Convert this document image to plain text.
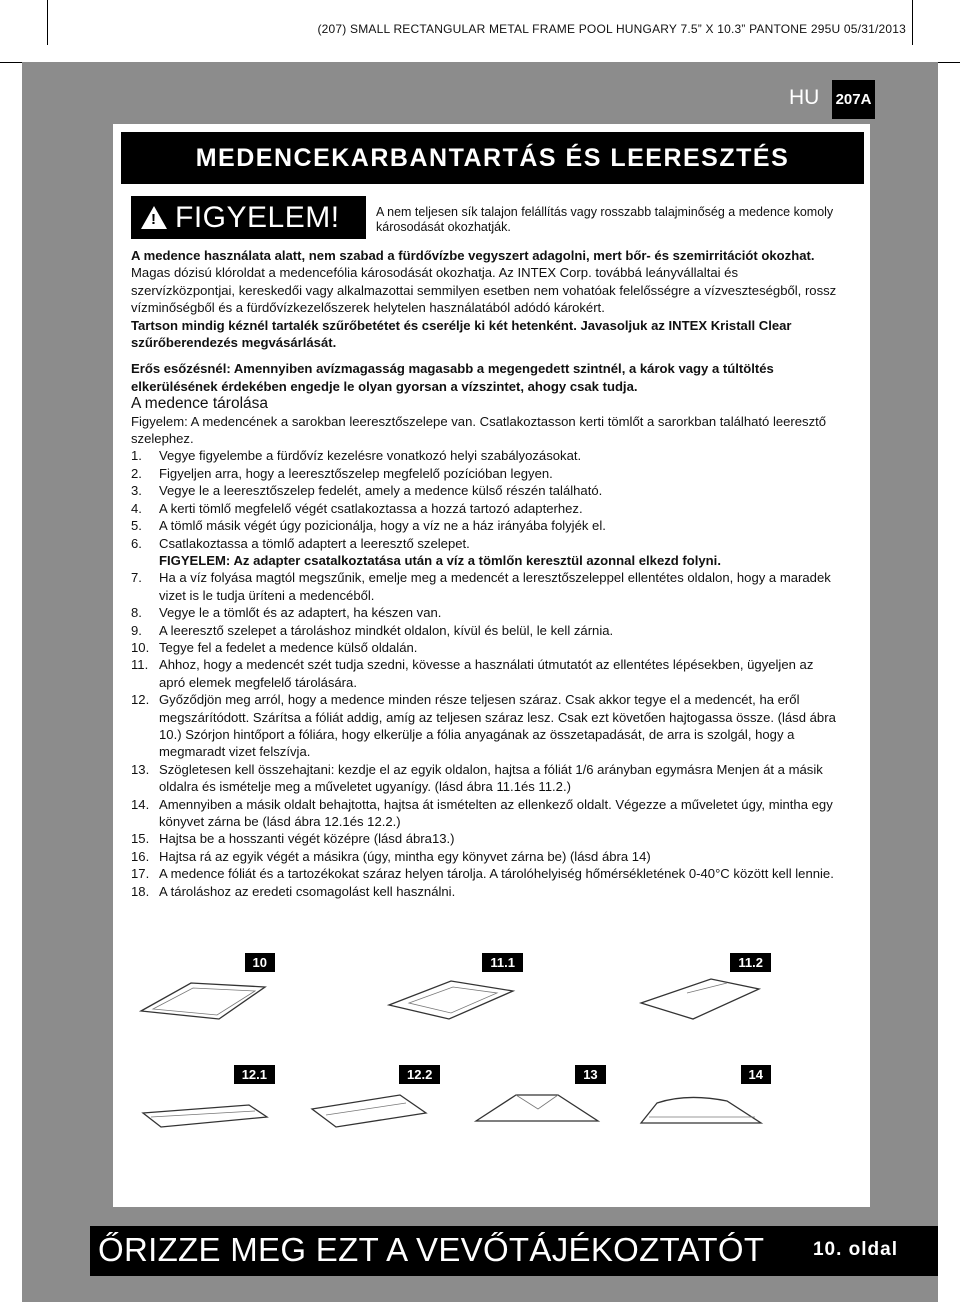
(207) SMALL RECTANGULAR METAL FRAME POOL HUNGARY 7.5” X 10.3” PANTONE 295U 05/31/2013
HU 207A
MEDENCEKARBANTARTÁS ÉS LEERESZTÉS
! FIGYELEM!	A nem teljesen sík talajon felállítás vagy rosszabb talajminőség a medence komoly károsodását okozhatják.

A medence használata alatt, nem szabad a fürdővízbe vegyszert adagolni, mert bőr- és szemirritációt okozhat. Magas dózisú klóroldat a medencefólia károsodását okozhatja. Az INTEX Corp. továbbá leányvállaltai és szervízközpontjai, kereskedői vagy alkalmazottai semmilyen esetben nem vohatóak felelősségre a vízveszteségből, rossz vízminőségből és a fürdővízkezelőszerek helytelen használatából adódó károkért.

Tartson mindig kéznél tartalék szűrőbetétet és cserélje ki két hetenként. Javasoljuk az INTEX Kristall Clear szűrőberendezés megvásárlását.

Erős esőzésnél: Amennyiben avízmagasság magasabb a megengedett szintnél, a károk vagy a túltöltés elkerülésének érdekében engedje le olyan gyorsan a vízszintet, ahogy csak tudja.

A medence tárolása

Figyelem: A medencének a sarokban leeresztőszelepe van. Csatlakoztasson kerti tömlőt a sarorkban található leeresztő szelephez.

1. Vegye figyelembe a fürdővíz kezelésre vonatkozó helyi szabályozásokat.
2. Figyeljen arra, hogy a leeresztőszelep megfelelő pozícióban legyen.
3. Vegye le a leeresztőszelep fedelét, amely a medence külső részén található.
4. A kerti tömlő megfelelő végét csatlakoztassa a hozzá tartozó adapterhez.
5. A tömlő másik végét úgy pozicionálja, hogy a víz ne a ház irányába folyjék el.
6. Csatlakoztassa a tömlő adaptert a leeresztő szelepet.
FIGYELEM: Az adapter csatalkoztatása után a víz a tömlőn keresztül azonnal elkezd folyni.
7. Ha a víz folyása magtól megszűnik, emelje meg a medencét a leresztőszeleppel ellentétes oldalon, hogy a maradek vizet is le tudja üríteni a medencéből.
8. Vegye le a tömlőt és az adaptert, ha készen van.
9. A leeresztő szelepet a tároláshoz mindkét oldalon, kívül és belül, le kell zárnia.
10. Tegye fel a fedelet a medence külső oldalán.
11. Ahhoz, hogy a medencét szét tudja szedni, kövesse a használati útmutatót az ellentétes lépésekben, ügyeljen az apró elemek megfelelő tárolására.
12. Győződjön meg arról, hogy a medence minden része teljesen száraz. Csak akkor tegye el a medencét, ha eről megszárítódott. Szárítsa a fóliát addig, amíg az teljesen száraz lesz. Csak ezt követően hajtogassa össze. (lásd ábra 10.) Szórjon hintőport a fóliára, hogy elkerülje a fólia anyagának az összetapadását, de arra is szolgál, hogy a megmaradt vizet felszívja.
13. Szögletesen kell összehajtani: kezdje el az egyik oldalon, hajtsa a fóliát 1/6 arányban egymásra Menjen át a másik oldalra és ismételje meg a műveletet ugyanígy. (lásd ábra 11.1és 11.2.)
14. Amennyiben a másik oldalt behajtotta, hajtsa át ismételten az ellenkező oldalt. Végezze a műveletet úgy, mintha egy könyvet zárna be (lásd ábra 12.1és 12.2.)
15. Hajtsa be a hosszanti végét középre (lásd ábra13.)
16. Hajtsa rá az egyik végét a másikra (úgy, mintha egy könyvet zárna be) (lásd ábra 14)
17. A medence fóliát és a tartozékokat száraz helyen tárolja. A tárolóhelyiség hőmérsékletének 0-40°C között kell lennie.
18. A tároláshoz az eredeti csomagolást kell használni.
10	11.1	11.2
12.1	12.2	13	14
ŐRIZZE MEG EZT A VEVŐTÁJÉKOZTATÓT	10. oldal
